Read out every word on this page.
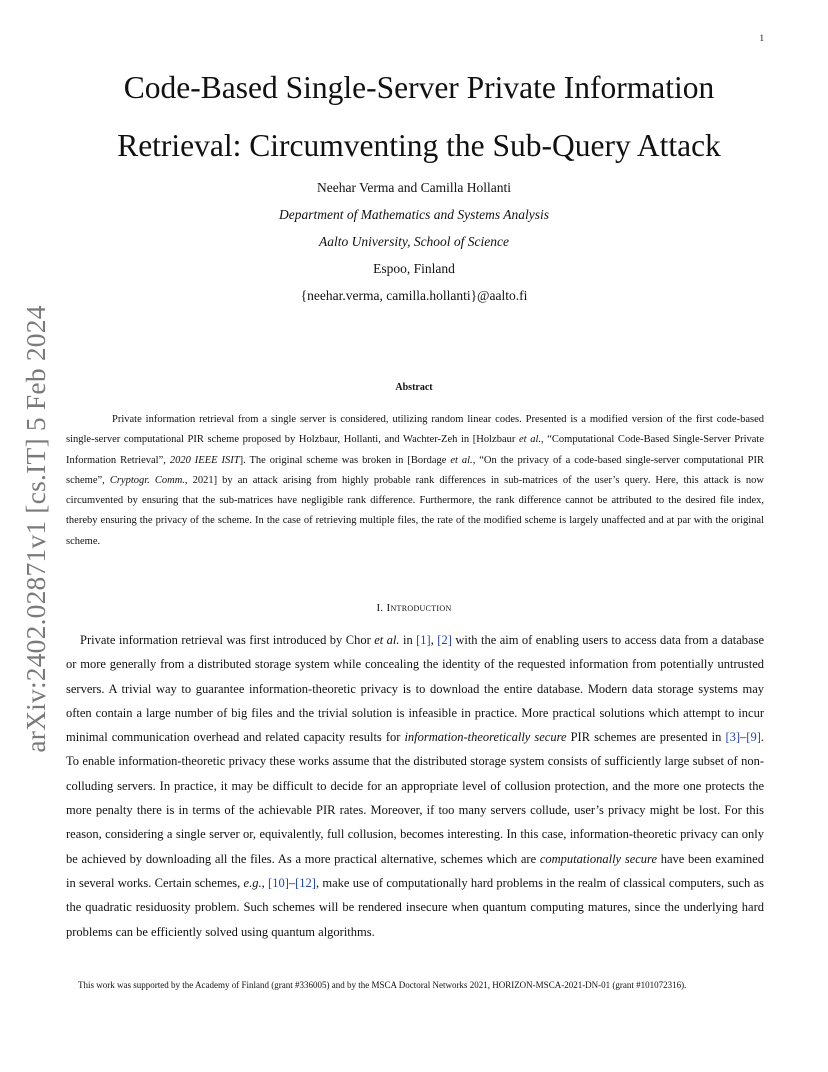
1
arXiv:2402.02871v1 [cs.IT] 5 Feb 2024
Code-Based Single-Server Private Information
Retrieval: Circumventing the Sub-Query Attack
Neehar Verma and Camilla Hollanti
Department of Mathematics and Systems Analysis
Aalto University, School of Science
Espoo, Finland
{neehar.verma, camilla.hollanti}@aalto.fi
Abstract

Private information retrieval from a single server is considered, utilizing random linear codes. Presented is a modified version of the first code-based single-server computational PIR scheme proposed by Holzbaur, Hollanti, and Wachter-Zeh in [Holzbaur et al., “Computational Code-Based Single-Server Private Information Retrieval”, 2020 IEEE ISIT]. The original scheme was broken in [Bordage et al., “On the privacy of a code-based single-server computational PIR scheme”, Cryptogr. Comm., 2021] by an attack arising from highly probable rank differences in sub-matrices of the user’s query. Here, this attack is now circumvented by ensuring that the sub-matrices have negligible rank difference. Furthermore, the rank difference cannot be attributed to the desired file index, thereby ensuring the privacy of the scheme. In the case of retrieving multiple files, the rate of the modified scheme is largely unaffected and at par with the original scheme.

I. Introduction

Private information retrieval was first introduced by Chor et al. in [1], [2] with the aim of enabling users to access data from a database or more generally from a distributed storage system while concealing the identity of the requested information from potentially untrusted servers. A trivial way to guarantee information-theoretic privacy is to download the entire database. Modern data storage systems may often contain a large number of big files and the trivial solution is infeasible in practice. More practical solutions which attempt to incur minimal communication overhead and related capacity results for information-theoretically secure PIR schemes are presented in [3]–[9]. To enable information-theoretic privacy these works assume that the distributed storage system consists of sufficiently large subset of non-colluding servers. In practice, it may be difficult to decide for an appropriate level of collusion protection, and the more one protects the more penalty there is in terms of the achievable PIR rates. Moreover, if too many servers collude, user’s privacy might be lost. For this reason, considering a single server or, equivalently, full collusion, becomes interesting. In this case, information-theoretic privacy can only be achieved by downloading all the files. As a more practical alternative, schemes which are computationally secure have been examined in several works. Certain schemes, e.g., [10]–[12], make use of computationally hard problems in the realm of classical computers, such as the quadratic residuosity problem. Such schemes will be rendered insecure when quantum computing matures, since the underlying hard problems can be efficiently solved using quantum algorithms.

This work was supported by the Academy of Finland (grant #336005) and by the MSCA Doctoral Networks 2021, HORIZON-MSCA-2021-DN-01 (grant #101072316).
